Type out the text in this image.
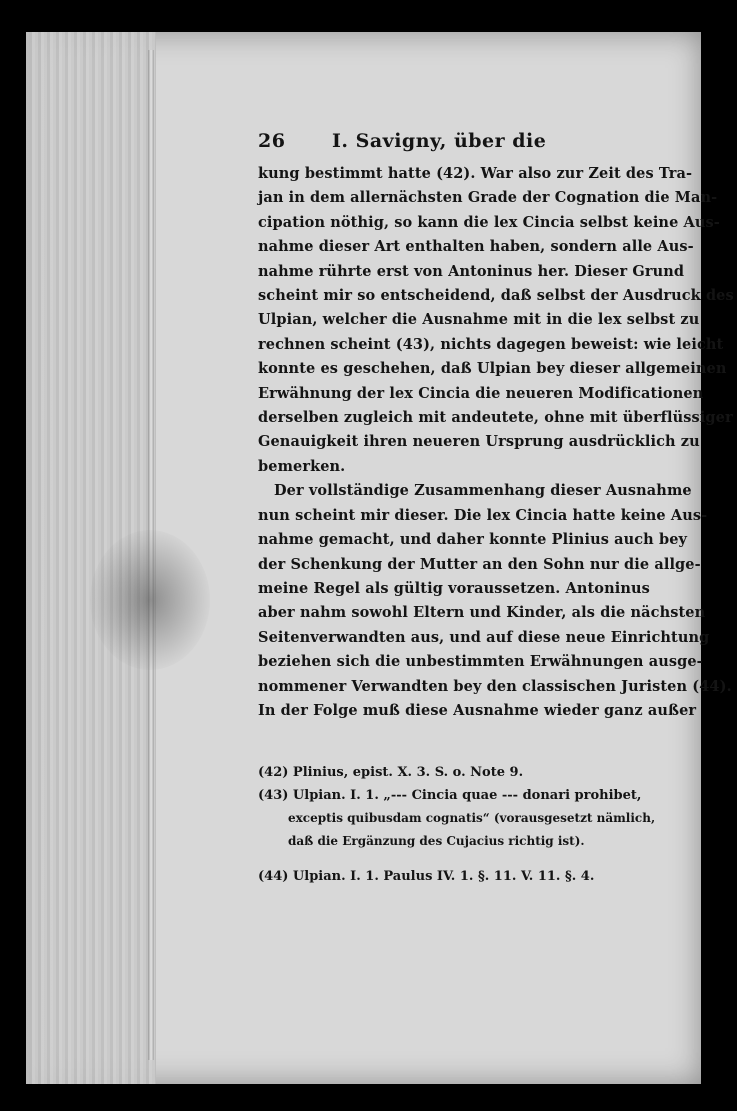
26 I. Savigny, über die
kung bestimmt hatte (42). War also zur Zeit des Tra-
jan in dem allernächsten Grade der Cognation die Man-
cipation nöthig, so kann die lex Cincia selbst keine Aus-
nahme dieser Art enthalten haben, sondern alle Aus-
nahme rührte erst von Antoninus her. Dieser Grund
scheint mir so entscheidend, daß selbst der Ausdruck des
Ulpian, welcher die Ausnahme mit in die lex selbst zu
rechnen scheint (43), nichts dagegen beweist: wie leicht
konnte es geschehen, daß Ulpian bey dieser allgemeinen
Erwähnung der lex Cincia die neueren Modificationen
derselben zugleich mit andeutete, ohne mit überflüssiger
Genauigkeit ihren neueren Ursprung ausdrücklich zu
bemerken.
Der vollständige Zusammenhang dieser Ausnahme
nun scheint mir dieser. Die lex Cincia hatte keine Aus-
nahme gemacht, und daher konnte Plinius auch bey
der Schenkung der Mutter an den Sohn nur die allge-
meine Regel als gültig voraussetzen. Antoninus
aber nahm sowohl Eltern und Kinder, als die nächsten
Seitenverwandten aus, und auf diese neue Einrichtung
beziehen sich die unbestimmten Erwähnungen ausge-
nommener Verwandten bey den classischen Juristen (44).
In der Folge muß diese Ausnahme wieder ganz außer
(42) Plinius, epist. X. 3. S. o. Note 9.
(43) Ulpian. I. 1. „--- Cincia quae --- donari prohibet,
exceptis quibusdam cognatis“ (vorausgesetzt nämlich,
daß die Ergänzung des Cujacius richtig ist).
(44) Ulpian. I. 1. Paulus IV. 1. §. 11. V. 11. §. 4.
